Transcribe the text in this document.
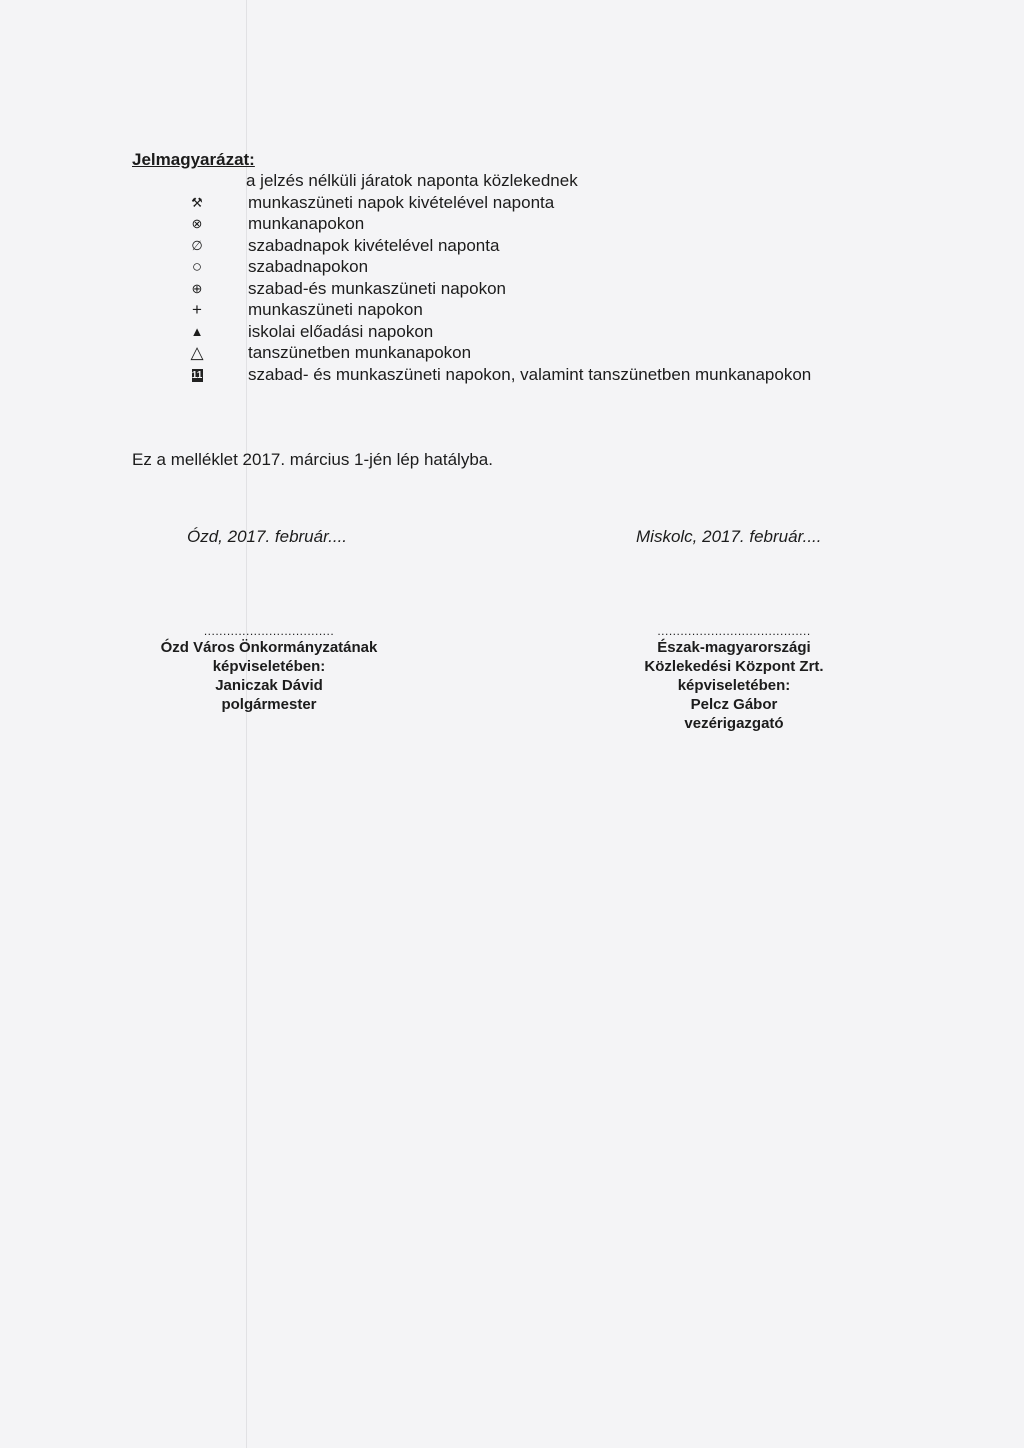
Jelmagyarázat:
a jelzés nélküli járatok naponta közlekednek
⚒	munkaszüneti napok kivételével naponta
⊗	munkanapokon
∅	szabadnapok kivételével naponta
○	szabadnapokon
⊕	szabad-és munkaszüneti napokon
+	munkaszüneti napokon
▲	iskolai előadási napokon
△	tanszünetben munkanapokon
11	szabad- és munkaszüneti napokon, valamint tanszünetben munkanapokon

Ez a melléklet 2017. március 1-jén lép hatályba.

Ózd, 2017. február....	Miskolc, 2017. február....

..................................
Ózd Város Önkormányzatának
képviseletében:
Janiczak Dávid
polgármester
........................................
Észak-magyarországi
Közlekedési Központ Zrt.
képviseletében:
Pelcz Gábor
vezérigazgató
